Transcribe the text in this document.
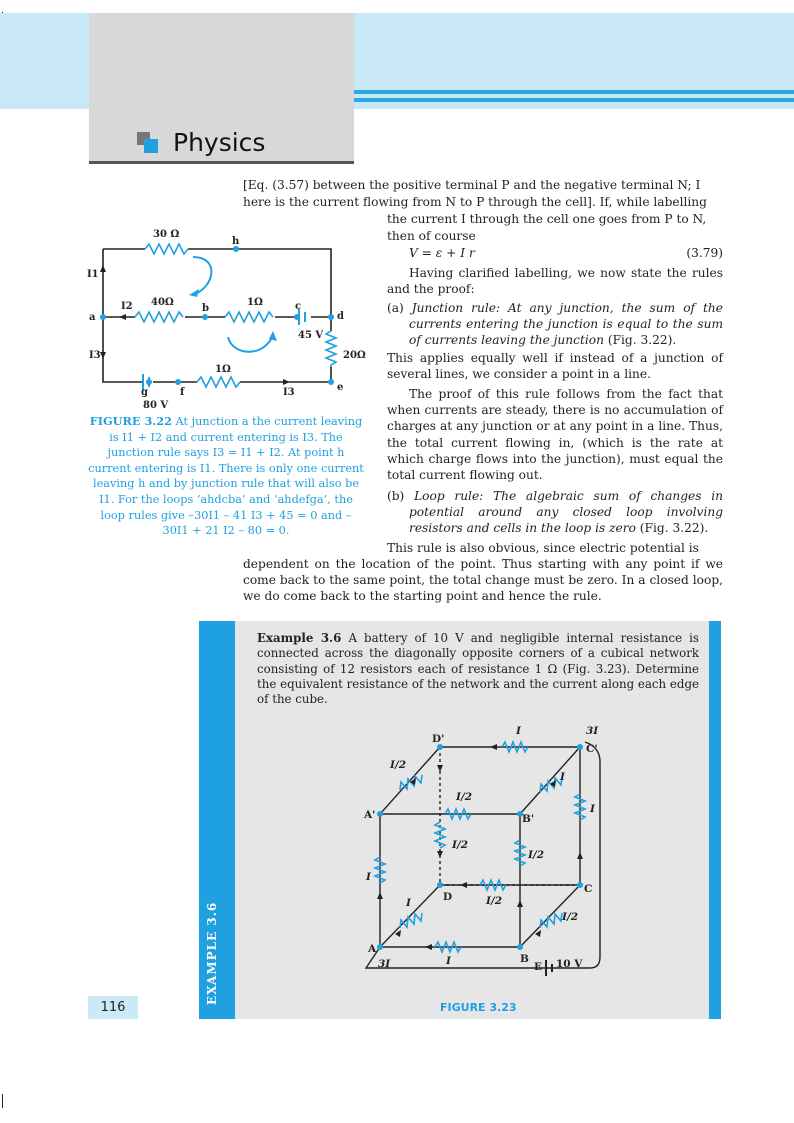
Physics
[Eq. (3.57) between the positive terminal P and the negative terminal N; I
here is the current flowing from N to P through the cell]. If, while labelling
the current I through the cell one goes from P to N,
then of course
V = ε + I r	(3.79)
Having clarified labelling, we now state the rules and the proof:
(a) Junction rule: At any junction, the sum of the currents entering the junction is equal to the sum of currents leaving the junction (Fig. 3.22).
This applies equally well if instead of a junction of several lines, we consider a point in a line.
The proof of this rule follows from the fact that when currents are steady, there is no accumulation of charges at any junction or at any point in a line. Thus, the total current flowing in, (which is the rate at which charge flows into the junction), must equal the total current flowing out.
(b) Loop rule: The algebraic sum of changes in potential around any closed loop involving resistors and cells in the loop is zero (Fig. 3.22).
This rule is also obvious, since electric potential is
dependent on the location of the point. Thus starting with any point if we come back to the same point, the total change must be zero. In a closed loop, we do come back to the starting point and hence the rule.
30 Ω
h
I1
a
I2 40Ω
b
1Ω	c
d
45 V
20Ω
I3
1Ω
g	f	I3	e
80 V
FIGURE 3.22 At junction a the current leaving is I1 + I2 and current entering is I3. The junction rule says I3 = I1 + I2. At point h current entering is I1. There is only one current leaving h and by junction rule that will also be I1. For the loops ‘ahdcba’ and ‘ahdefga’, the loop rules give –30I1 – 41 I3 + 45 = 0 and –30I1 + 21 I2 – 80 = 0.
EXAMPLE 3.6
Example 3.6 A battery of 10 V and negligible internal resistance is connected across the diagonally opposite corners of a cubical network consisting of 12 resistors each of resistance 1 Ω (Fig. 3.23). Determine the equivalent resistance of the network and the current along each edge of the cube.
D'
I	3I
C'
I/2
I
I/2
A'	B'
I
I/2
I/2
I
D	I/2
C
I
I/2
A
I	B
3I	E 10 V
FIGURE 3.23
116
